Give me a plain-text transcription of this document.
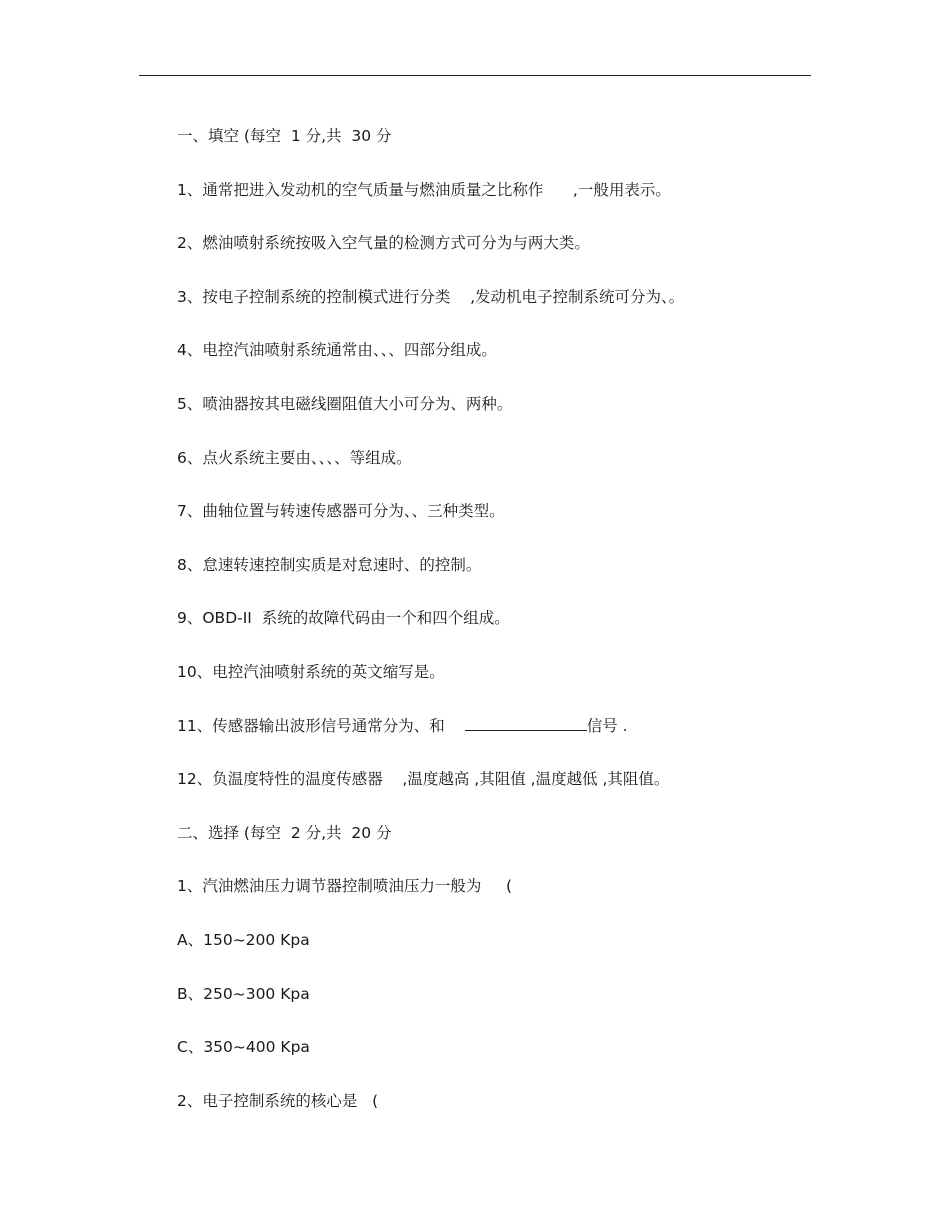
一、填空 (每空  1 分,共  30 分
1、通常把进入发动机的空气质量与燃油质量之比称作      ,一般用表示。
2、燃油喷射系统按吸入空气量的检测方式可分为与两大类。
3、按电子控制系统的控制模式进行分类    ,发动机电子控制系统可分为、。
4、电控汽油喷射系统通常由、、、四部分组成。
5、喷油器按其电磁线圈阻值大小可分为、两种。
6、点火系统主要由、、、、等组成。
7、曲轴位置与转速传感器可分为、、三种类型。
8、怠速转速控制实质是对怠速时、的控制。
9、OBD-II  系统的故障代码由一个和四个组成。
10、电控汽油喷射系统的英文缩写是。
11、传感器输出波形信号通常分为、和	信号 .
12、负温度特性的温度传感器    ,温度越高 ,其阻值 ,温度越低 ,其阻值。
二、选择 (每空  2 分,共  20 分
1、汽油燃油压力调节器控制喷油压力一般为     (
A、150~200 Kpa
B、250~300 Kpa
C、350~400 Kpa
2、电子控制系统的核心是   (
